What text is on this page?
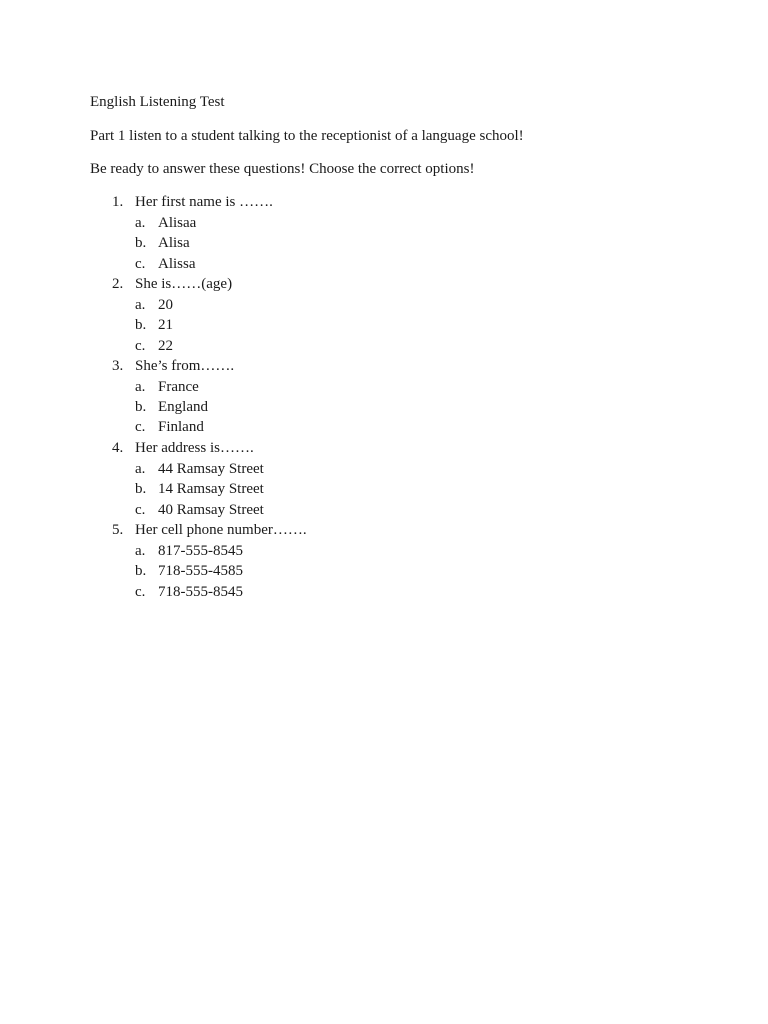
English Listening Test
Part 1 listen to a student talking to the receptionist of a language school!
Be ready to answer these questions! Choose the correct options!
1. Her first name is …….
a. Alisaa
b. Alisa
c. Alissa
2. She is……(age)
a. 20
b. 21
c. 22
3. She’s from…….
a. France
b. England
c. Finland
4. Her address is…….
a. 44 Ramsay Street
b. 14 Ramsay Street
c. 40 Ramsay Street
5. Her cell phone number…….
a. 817-555-8545
b. 718-555-4585
c. 718-555-8545
